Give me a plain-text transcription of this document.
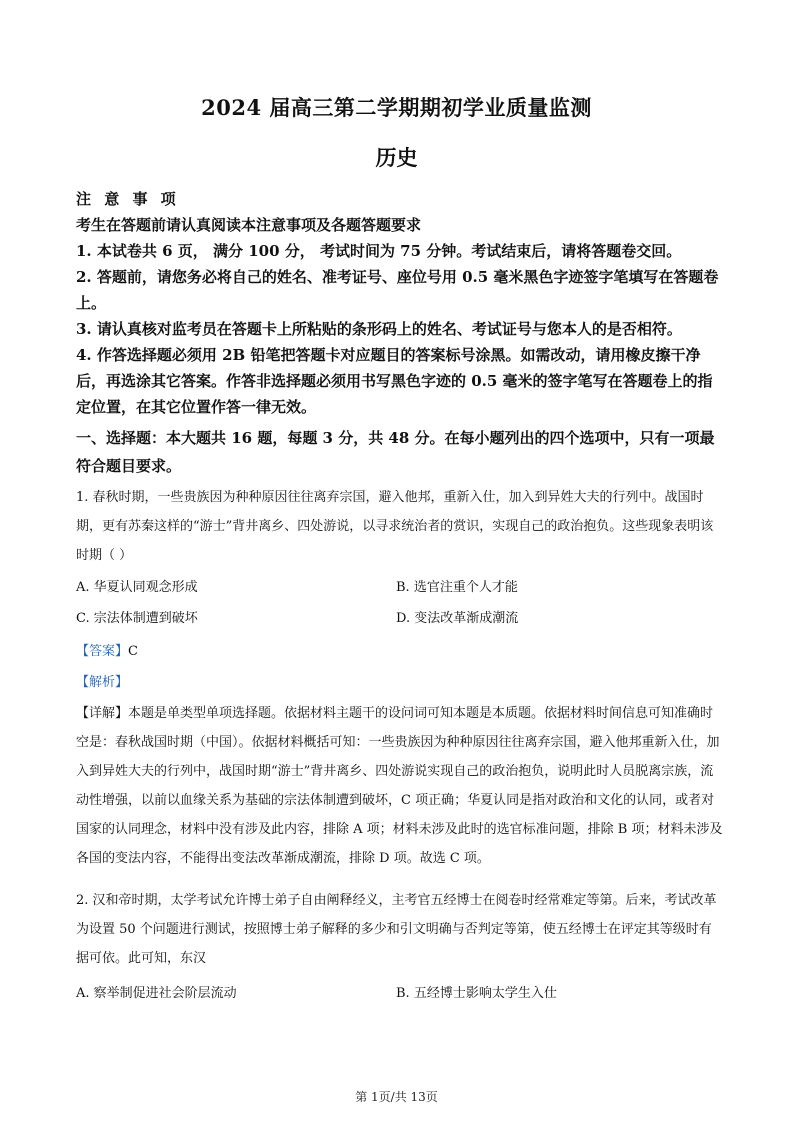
2024 届高三第二学期期初学业质量监测
历史

注 意 事 项

考生在答题前请认真阅读本注意事项及各题答题要求

1. 本试卷共 6 页， 满分 100 分， 考试时间为 75 分钟。考试结束后，请将答题卷交回。

2. 答题前，请您务必将自己的姓名、准考证号、座位号用 0.5 毫米黑色字迹签字笔填写在答题卷上。

3. 请认真核对监考员在答题卡上所粘贴的条形码上的姓名、考试证号与您本人的是否相符。

4. 作答选择题必须用 2B 铅笔把答题卡对应题目的答案标号涂黑。如需改动，请用橡皮擦干净后，再选涂其它答案。作答非选择题必须用书写黑色字迹的 0.5 毫米的签字笔写在答题卷上的指定位置，在其它位置作答一律无效。

一、选择题：本大题共 16 题，每题 3 分，共 48 分。在每小题列出的四个选项中，只有一项最符合题目要求。

1. 春秋时期，一些贵族因为种种原因往往离弃宗国，避入他邦，重新入仕，加入到异姓大夫的行列中。战国时期，更有苏秦这样的“游士”背井离乡、四处游说，以寻求统治者的赏识，实现自己的政治抱负。这些现象表明该时期（ ）

A. 华夏认同观念形成	B. 选官注重个人才能
C. 宗法体制遭到破坏	D. 变法改革渐成潮流

【答案】C

【解析】

【详解】本题是单类型单项选择题。依据材料主题干的设问词可知本题是本质题。依据材料时间信息可知准确时空是：春秋战国时期（中国）。依据材料概括可知：一些贵族因为种种原因往往离弃宗国，避入他邦重新入仕，加入到异姓大夫的行列中，战国时期“游士”背井离乡、四处游说实现自己的政治抱负，说明此时人员脱离宗族，流动性增强，以前以血缘关系为基础的宗法体制遭到破坏，C 项正确；华夏认同是指对政治和文化的认同，或者对国家的认同理念，材料中没有涉及此内容，排除 A 项；材料未涉及此时的选官标准问题，排除 B 项；材料未涉及各国的变法内容，不能得出变法改革渐成潮流，排除 D 项。故选 C 项。

2. 汉和帝时期，太学考试允许博士弟子自由阐释经义，主考官五经博士在阅卷时经常难定等第。后来，考试改革为设置 50 个问题进行测试，按照博士弟子解释的多少和引文明确与否判定等第，使五经博士在评定其等级时有据可依。此可知，东汉

A. 察举制促进社会阶层流动	B. 五经博士影响太学生入仕
第 1页/共 13页
